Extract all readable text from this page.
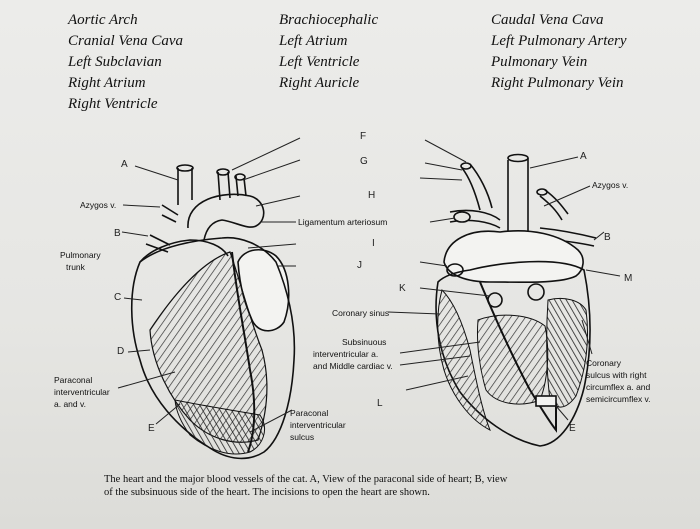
Aortic Arch
Cranial Vena Cava
Left Subclavian
Right Atrium
Right Ventricle
Brachiocephalic
Left Atrium
Left Ventricle
Right Auricle
Caudal Vena Cava
Left Pulmonary Artery
Pulmonary Vein
Right Pulmonary Vein
A
B
C
D
E
F
G
H
I
J
K
L
A
B
M
E
Azygos v.
Azygos v.
Pulmonary
trunk
Ligamentum arteriosum
Coronary sinus
Subsinuous
interventricular a.
and Middle cardiac v.
Paraconal
interventricular
a. and v.
Paraconal
interventricular
sulcus
Coronary
sulcus with right
circumflex a. and
semicircumflex v.
The heart and the major blood vessels of the cat. A, View of the paraconal side of heart; B, view
of the subsinuous side of the heart. The incisions to open the heart are shown.
